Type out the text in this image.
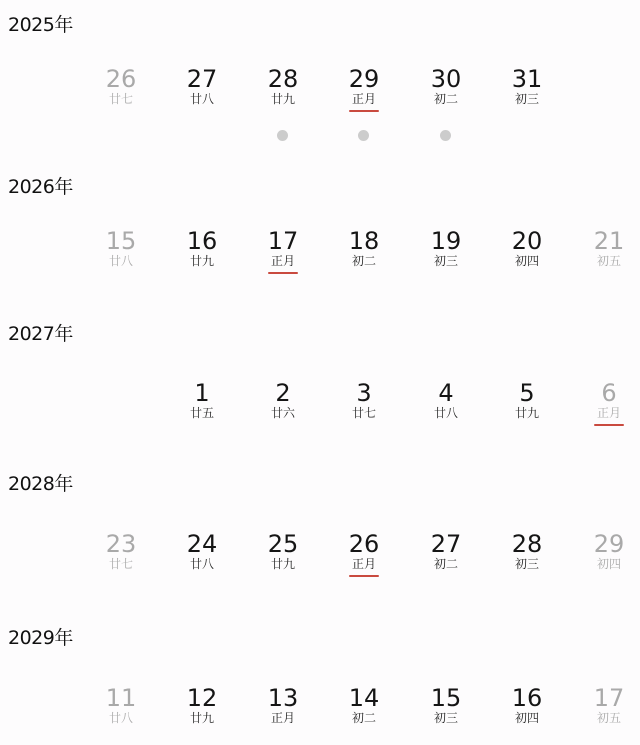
2025年
26
廿七
27
廿八
28
廿九
29
正月
30
初二
31
初三
2026年
15
廿八
16
廿九
17
正月
18
初二
19
初三
20
初四
21
初五
2027年
1
廿五
2
廿六
3
廿七
4
廿八
5
廿九
6
正月
2028年
23
廿七
24
廿八
25
廿九
26
正月
27
初二
28
初三
29
初四
2029年
11
廿八
12
廿九
13
正月
14
初二
15
初三
16
初四
17
初五
